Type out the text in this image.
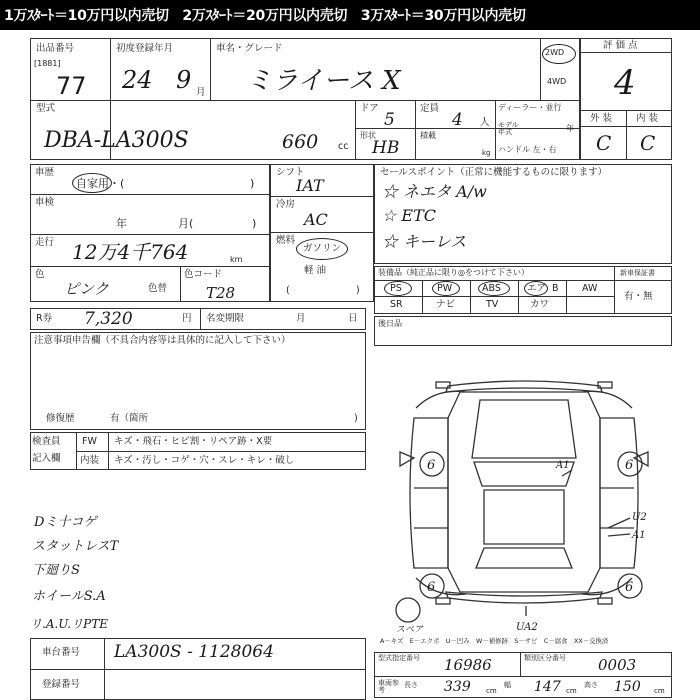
1万ｽﾀｰﾄ＝10万円以内売切　2万ｽﾀｰﾄ＝20万円以内売切　3万ｽﾀｰﾄ＝30万円以内売切
出品番号
[1881]
77
初度登録年月
24 9 月
車名・グレード
ミライース X
2WD
4WD
型式
DBA-LA300S
ドア
5
定員
4 人
ディーラー・並行
モデル年式	年
660 cc
形状
HB
積載
kg ハンドル 左・右
評 価 点
4
外 装	内 装
C C
車歴
自家用・(	)
車検
年	月(	)
走行 12万4千764	km
色
ピンク	色替
色コード
T28
シフト
IAT
冷房
AC
燃料
ガソリン
軽 油
(	)
セールスポイント（正常に機能するものに限ります）
☆ ネエタ A/w
☆ ETC
☆ キーレス
装備品（純正品に限り◎をつけて下さい）	新車保証書
有・無
PS	PW	ABS	エア B AW
SR	ナビ	TV	カワ
R券 7,320	円 名変期限	月	日
注意事項申告欄（不具合内容等は具体的に記入して下さい）
修復歴	有（箇所	)
後日品
検査員
記入欄
FW キズ・飛石・ヒビ割・リペア跡・X要
内装 キズ・汚し・コゲ・穴・スレ・キレ・破し
Dミ十コゲ
スタットレスT
下廻りS
ホイールS.A
リ.A.U.リPTE
6	6
6	6
A1
U2
A1
UA2
スペア
A－キズ　E－エクボ　U－凹み　W－補修跡　S－サビ　C－腐食　XX－交換済
車台番号 LA300S - 1128064
登録番号
型式指定番号 16986	類別区分番号 0003
車両参考
長さ 339 cm
幅 147 cm
高さ 150 cm
